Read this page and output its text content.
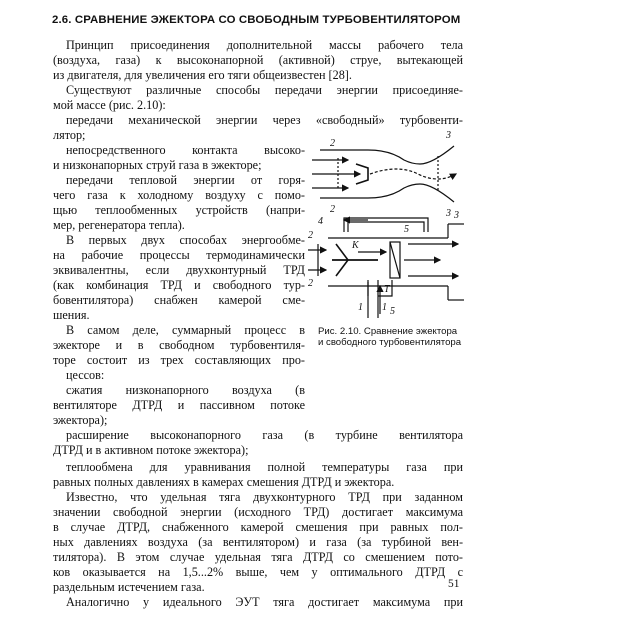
2.6. СРАВНЕНИЕ ЭЖЕКТОРА СО СВОБОДНЫМ ТУРБОВЕНТИЛЯТОРОМ
Принцип присоединения дополнительной массы рабочего тела
(воздуха, газа) к высоконапорной (активной) струе, вытекающей
из двигателя, для увеличения его тяги общеизвестен [28].
Существуют различные способы передачи энергии присоединяе-
мой массе (рис. 2.10):
передачи механической энергии через «свободный» турбовенти-
лятор;
непосредственного контакта высоко-
и низконапорных струй газа в эжекторе;
передачи тепловой энергии от горя-
чего газа к холодному воздуху с помо-
щью теплообменных устройств (напри-
мер, регенератора тепла).
В первых двух способах энергообме-
на рабочие процессы термодинамически
эквивалентны, если двухконтурный ТРД
(как комбинация ТРД и свободного тур-
бовентилятора) снабжен камерой сме-
шения.
В самом деле, суммарный процесс в
эжекторе и в свободном турбовентиля-
торе состоит из трех составляющих про-
цессов:
сжатия низконапорного воздуха (в
вентиляторе ДТРД и пассивном потоке
эжектора);
расширение высоконапорного газа (в турбине вентилятора
ДТРД и в активном потоке эжектора);
теплообмена для уравнивания полной температуры газа при
равных полных давлениях в камерах смешения ДТРД и эжектора.
Известно, что удельная тяга двухконтурного ТРД при заданном
значении свободной энергии (исходного ТРД) достигает максимума
в случае ДТРД, снабженного камерой смешения при равных пол-
ных давлениях воздуха (за вентилятором) и газа (за турбиной вен-
тилятора). В этом случае удельная тяга ДТРД со смешением пото-
ков оказывается на 1,5...2% выше, чем у оптимального ДТРД с
раздельным истечением газа.
Аналогично у идеального ЭУТ тяга достигает максимума при
2
2
3
3
4
2
2
3
5
5
1
1
К
Т
Рис. 2.10. Сравнение эжектора
и свободного турбовентилятора
51
